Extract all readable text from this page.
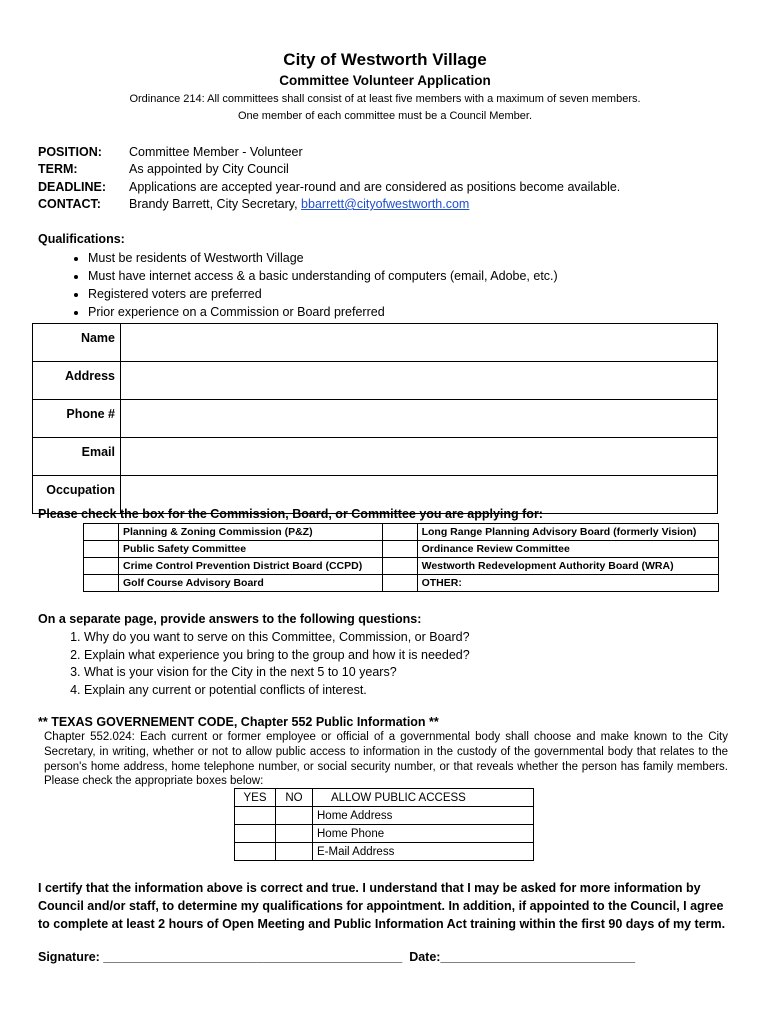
City of Westworth Village
Committee Volunteer Application
Ordinance 214: All committees shall consist of at least five members with a maximum of seven members.
One member of each committee must be a Council Member.
POSITION: Committee Member - Volunteer
TERM:	As appointed by City Council
DEADLINE: Applications are accepted year-round and are considered as positions become available.
CONTACT: Brandy Barrett, City Secretary, bbarrett@cityofwestworth.com
Qualifications:
• Must be residents of Westworth Village
• Must have internet access & a basic understanding of computers (email, Adobe, etc.)
• Registered voters are preferred
• Prior experience on a Commission or Board preferred
Name	
Address	
Phone #	
Email	
Occupation	
Please check the box for the Commission, Board, or Committee you are applying for:
	Planning & Zoning Commission (P&Z)		Long Range Planning Advisory Board (formerly Vision)
	Public Safety Committee		Ordinance Review Committee
	Crime Control Prevention District Board (CCPD)		Westworth Redevelopment Authority Board (WRA)
	Golf Course Advisory Board		OTHER:
On a separate page, provide answers to the following questions:
1. Why do you want to serve on this Committee, Commission, or Board?
2. Explain what experience you bring to the group and how it is needed?
3. What is your vision for the City in the next 5 to 10 years?
4. Explain any current or potential conflicts of interest.
** TEXAS GOVERNEMENT CODE, Chapter 552 Public Information **
Chapter 552.024: Each current or former employee or official of a governmental body shall choose and make known to the City Secretary, in writing, whether or not to allow public access to information in the custody of the governmental body that relates to the person's home address, home telephone number, or social security number, or that reveals whether the person has family members. Please check the appropriate boxes below:
YES	NO	ALLOW PUBLIC ACCESS
		Home Address
		Home Phone
		E-Mail Address
I certify that the information above is correct and true. I understand that I may be asked for more information by Council and/or staff, to determine my qualifications for appointment. In addition, if appointed to the Council, I agree to complete at least 2 hours of Open Meeting and Public Information Act training within the first 90 days of my term.
Signature: ___________________________________________ Date:____________________________
